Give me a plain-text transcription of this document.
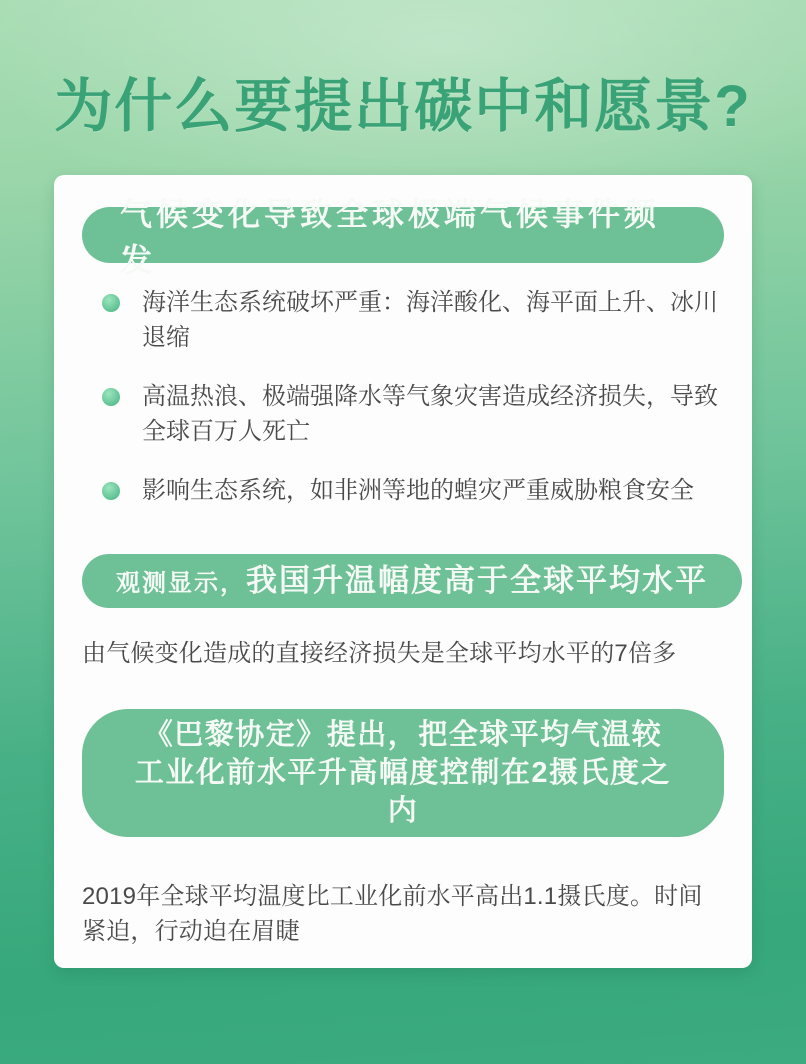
为什么要提出碳中和愿景?
气候变化导致全球极端气候事件频发
海洋生态系统破坏严重：海洋酸化、海平面上升、冰川退缩
高温热浪、极端强降水等气象灾害造成经济损失，导致全球百万人死亡
影响生态系统，如非洲等地的蝗灾严重威胁粮食安全
观测显示，我国升温幅度高于全球平均水平

由气候变化造成的直接经济损失是全球平均水平的7倍多

《巴黎协定》提出，把全球平均气温较
工业化前水平升高幅度控制在2摄氏度之内

2019年全球平均温度比工业化前水平高出1.1摄氏度。时间紧迫，行动迫在眉睫
